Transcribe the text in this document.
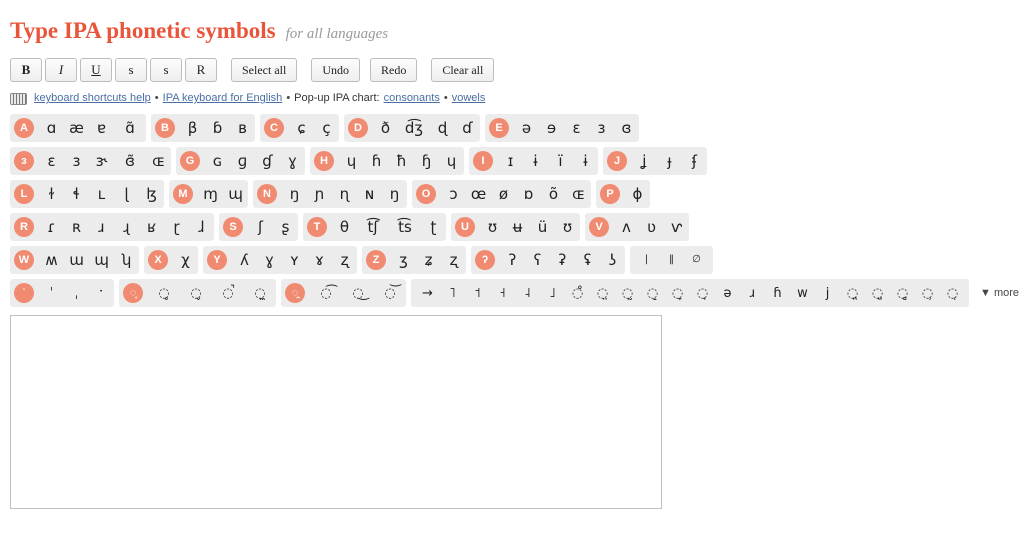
Type IPA phonetic symbols for all languages
B	I	U	s	s	R	Select all	Undo	Redo	Clear all
keyboard shortcuts help • IPA keyboard for English • Pop-up IPA chart: consonants • vowels
A	ɑ æ ɐ	ɑ̃	B	β	ɓ	ʙ	C	ɕ	ç	D	ð d͡ʒ ɖ	ɗ	E	ə	ɘ	ɛ	ɜ	ɞ
ɜ	ɛ	ɜ	ɝ	ɞ̃	ɶ	G	ɢ	ɡ	ɠ	ɣ	H	ɥ	ɦ	ħ	ɧ	ɥ	I	ɪ	ɨ	ï	ɨ	J	ʝ	ɟ	ʄ
L	ɫ	ɬ	ʟ	ɭ	ɮ	M	ɱ ɰ	N	ŋ	ɲ	ɳ	ɴ	ŋ	O	ɔ œ ø	ɒ	õ ɶ	P	ɸ
R	ɾ	ʀ	ɹ	ɻ	ʁ	ɽ	ɺ	S	ʃ	ʂ	T	θ	t͡ʃ	t͡s	ʈ	U	ʊ	ʉ	ü	ʊ	V	ʌ	ʋ	ⱱ
W	ʍ ɯ ɰ ʮ	X	χ	Y	ʎ	ɣ	ʏ	ɤ	ʐ	Z	ʒ	ʑ	ʐ	ʔ	ʔ	ʕ	ʡ	ʢ	ʖ	|	‖	∅
ˈ	ˈ	ˌ	ˑ	◌̥	◌̥	◌̬	◌̚	◌̼	◌̯	◌͡	◌͜	◌͝	→	˥	˦	˧	˨	˩	◌̊	◌̤	◌̰	◌̝	◌̞	◌̘	ə	ɹ	ɦ	w	j	◌̪	◌̺	◌̻	◌̹	◌̜	▼ more
